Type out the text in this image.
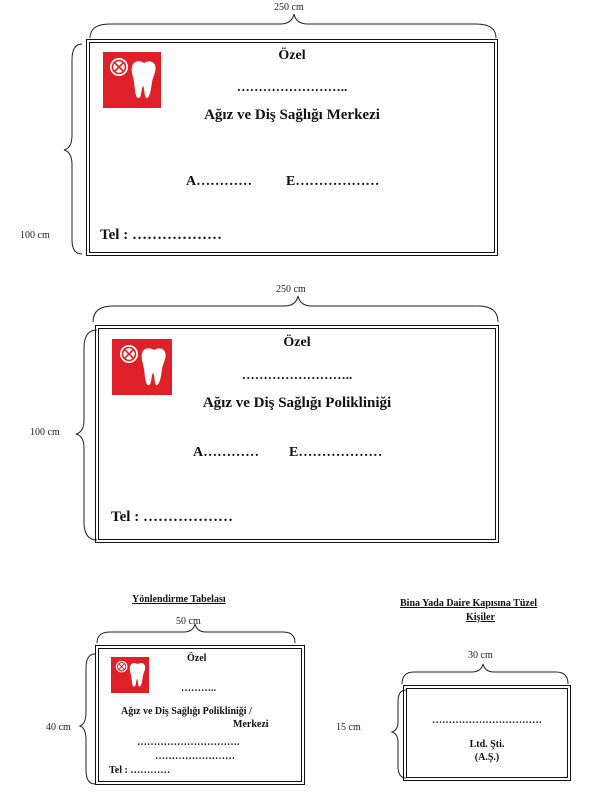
250 cm
100 cm
Özel
……………………..
Ağız ve Diş Sağlığı Merkezi
A………… E………………
Tel : ………………
250 cm
100 cm
Özel
……………………..
Ağız ve Diş Sağlığı Polikliniği
A………… E………………
Tel : ………………
Yönlendirme Tabelası
50 cm
40 cm
Özel
………..
Ağız ve Diş Sağlığı Polikliniği /
Merkezi
………………………….
……………………
Tel : …………
Bina Yada Daire Kapısına Tüzel
Kişiler
30 cm
15 cm
……………………………
Ltd. Şti.
(A.Ş.)
